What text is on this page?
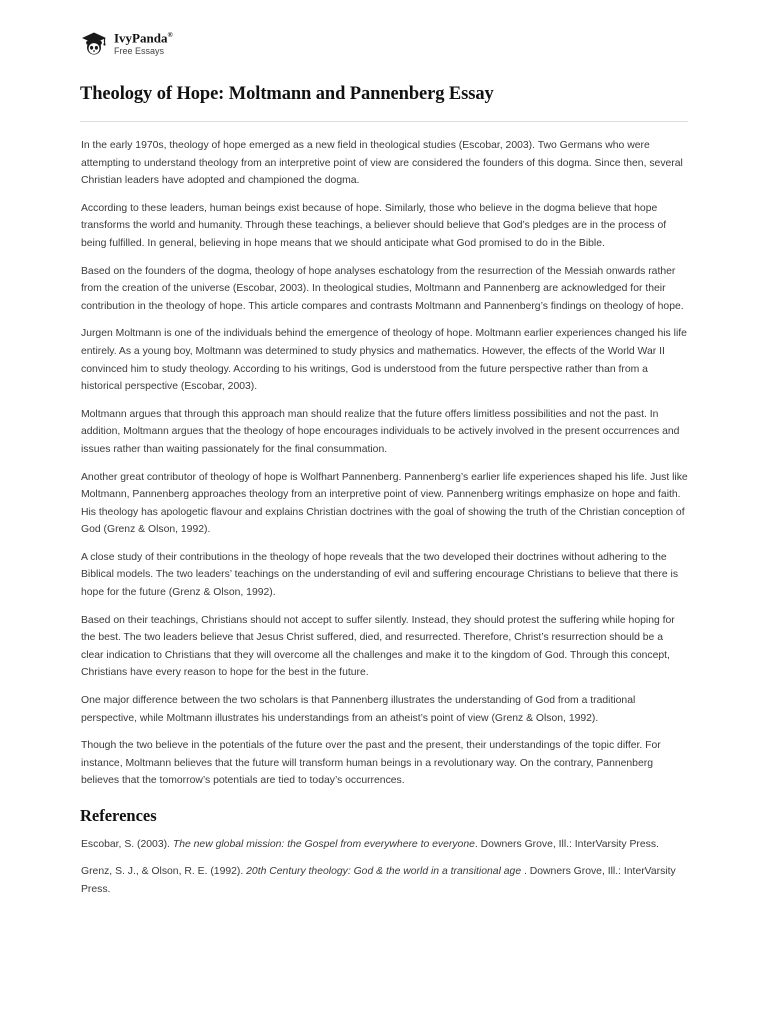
IvyPanda®
Free Essays
Theology of Hope: Moltmann and Pannenberg Essay

In the early 1970s, theology of hope emerged as a new field in theological studies (Escobar, 2003). Two Germans who were attempting to understand theology from an interpretive point of view are considered the founders of this dogma. Since then, several Christian leaders have adopted and championed the dogma.

According to these leaders, human beings exist because of hope. Similarly, those who believe in the dogma believe that hope transforms the world and humanity. Through these teachings, a believer should believe that God’s pledges are in the process of being fulfilled. In general, believing in hope means that we should anticipate what God promised to do in the Bible.

Based on the founders of the dogma, theology of hope analyses eschatology from the resurrection of the Messiah onwards rather from the creation of the universe (Escobar, 2003). In theological studies, Moltmann and Pannenberg are acknowledged for their contribution in the theology of hope. This article compares and contrasts Moltmann and Pannenberg’s findings on theology of hope.

Jurgen Moltmann is one of the individuals behind the emergence of theology of hope. Moltmann earlier experiences changed his life entirely. As a young boy, Moltmann was determined to study physics and mathematics. However, the effects of the World War II convinced him to study theology. According to his writings, God is understood from the future perspective rather than from a historical perspective (Escobar, 2003).

Moltmann argues that through this approach man should realize that the future offers limitless possibilities and not the past. In addition, Moltmann argues that the theology of hope encourages individuals to be actively involved in the present occurrences and issues rather than waiting passionately for the final consummation.

Another great contributor of theology of hope is Wolfhart Pannenberg. Pannenberg’s earlier life experiences shaped his life. Just like Moltmann, Pannenberg approaches theology from an interpretive point of view. Pannenberg writings emphasize on hope and faith. His theology has apologetic flavour and explains Christian doctrines with the goal of showing the truth of the Christian conception of God (Grenz & Olson, 1992).

A close study of their contributions in the theology of hope reveals that the two developed their doctrines without adhering to the Biblical models. The two leaders’ teachings on the understanding of evil and suffering encourage Christians to believe that there is hope for the future (Grenz & Olson, 1992).

Based on their teachings, Christians should not accept to suffer silently. Instead, they should protest the suffering while hoping for the best. The two leaders believe that Jesus Christ suffered, died, and resurrected. Therefore, Christ’s resurrection should be a clear indication to Christians that they will overcome all the challenges and make it to the kingdom of God. Through this concept, Christians have every reason to hope for the best in the future.

One major difference between the two scholars is that Pannenberg illustrates the understanding of God from a traditional perspective, while Moltmann illustrates his understandings from an atheist’s point of view (Grenz & Olson, 1992).

Though the two believe in the potentials of the future over the past and the present, their understandings of the topic differ. For instance, Moltmann believes that the future will transform human beings in a revolutionary way. On the contrary, Pannenberg believes that the tomorrow’s potentials are tied to today’s occurrences.

References
Escobar, S. (2003). The new global mission: the Gospel from everywhere to everyone. Downers Grove, Ill.: InterVarsity Press.
Grenz, S. J., & Olson, R. E. (1992). 20th Century theology: God & the world in a transitional age . Downers Grove, Ill.: InterVarsity Press.
